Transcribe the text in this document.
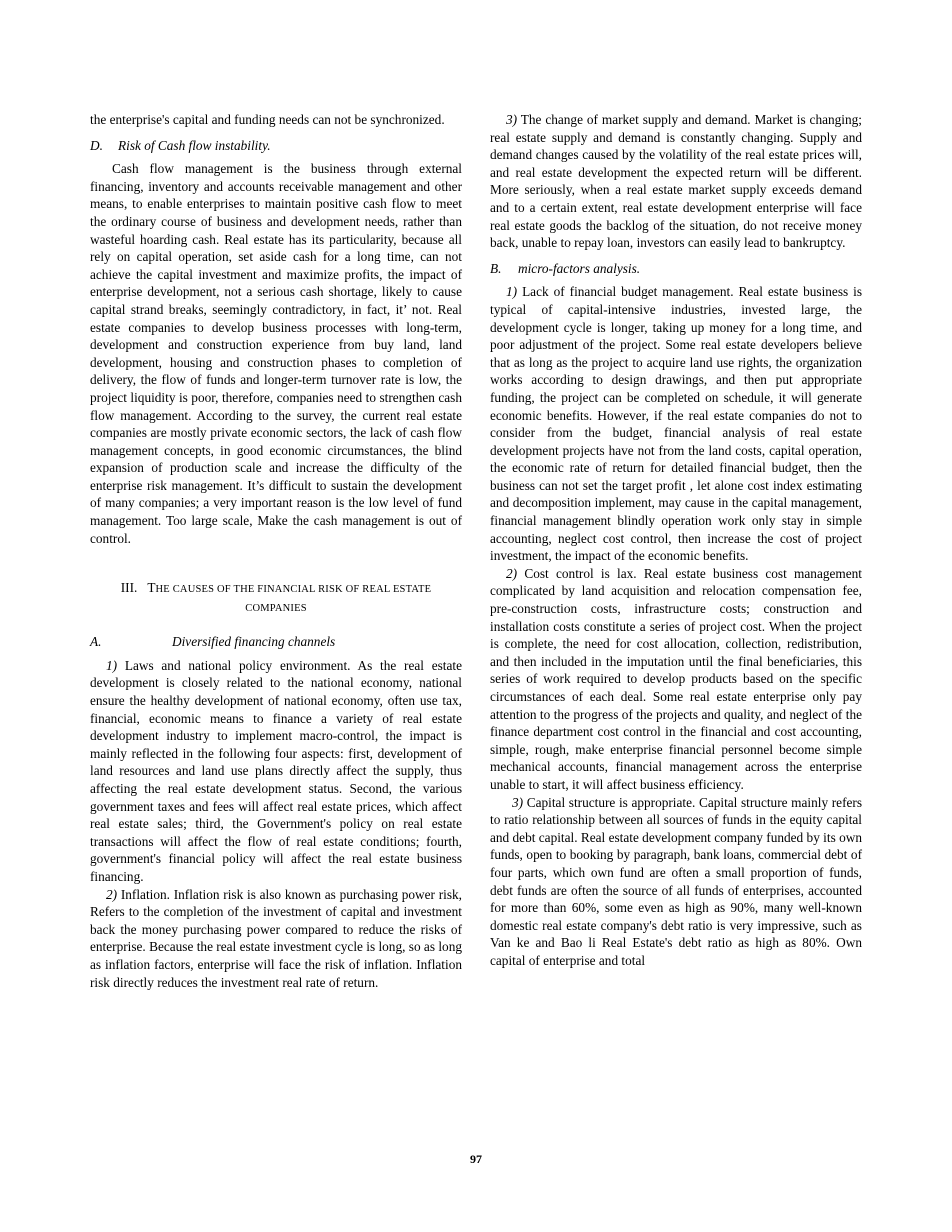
the enterprise's capital and funding needs can not be synchronized.

D. Risk of Cash flow instability.

Cash flow management is the business through external financing, inventory and accounts receivable management and other means, to enable enterprises to maintain positive cash flow to meet the ordinary course of business and development needs, rather than wasteful hoarding cash. Real estate has its particularity, because all rely on capital operation, set aside cash for a long time, can not achieve the capital investment and maximize profits, the impact of enterprise development, not a serious cash shortage, likely to cause capital strand breaks, seemingly contradictory, in fact, it’ not. Real estate companies to develop business processes with long-term, development and construction experience from buy land, land development, housing and construction phases to completion of delivery, the flow of funds and longer-term turnover rate is low, the project liquidity is poor, therefore, companies need to strengthen cash flow management. According to the survey, the current real estate companies are mostly private economic sectors, the lack of cash flow management concepts, in good economic circumstances, the blind expansion of production scale and increase the difficulty of the enterprise risk management. It’s difficult to sustain the development of many companies; a very important reason is the low level of fund management. Too large scale, Make the cash management is out of control.

III. THE CAUSES OF THE FINANCIAL RISK OF REAL ESTATE
COMPANIES

A.	Diversified financing channels

1) Laws and national policy environment. As the real estate development is closely related to the national economy, national ensure the healthy development of national economy, often use tax, financial, economic means to finance a variety of real estate development industry to implement macro-control, the impact is mainly reflected in the following four aspects: first, development of land resources and land use plans directly affect the supply, thus affecting the real estate development status. Second, the various government taxes and fees will affect real estate prices, which affect real estate sales; third, the Government's policy on real estate transactions will affect the flow of real estate conditions; fourth, government's financial policy will affect the real estate business financing.

2) Inflation. Inflation risk is also known as purchasing power risk, Refers to the completion of the investment of capital and investment back the money purchasing power compared to reduce the risks of enterprise. Because the real estate investment cycle is long, so as long as inflation factors, enterprise will face the risk of inflation. Inflation risk directly reduces the investment real rate of return.

3) The change of market supply and demand. Market is changing; real estate supply and demand is constantly changing. Supply and demand changes caused by the volatility of the real estate prices will, and real estate development the expected return will be different. More seriously, when a real estate market supply exceeds demand and to a certain extent, real estate development enterprise will face real estate goods the backlog of the situation, do not receive money back, unable to repay loan, investors can easily lead to bankruptcy.

B. micro-factors analysis.

1) Lack of financial budget management. Real estate business is typical of capital-intensive industries, invested large, the development cycle is longer, taking up money for a long time, and poor adjustment of the project. Some real estate developers believe that as long as the project to acquire land use rights, the organization works according to design drawings, and then put appropriate funding, the project can be completed on schedule, it will generate economic benefits. However, if the real estate companies do not to consider from the budget, financial analysis of real estate development projects have not from the land costs, capital operation, the economic rate of return for detailed financial budget, then the business can not set the target profit , let alone cost index estimating and decomposition implement, may cause in the capital management, financial management blindly operation work only stay in simple accounting, neglect cost control, then increase the cost of project investment, the impact of the economic benefits.

2) Cost control is lax. Real estate business cost management complicated by land acquisition and relocation compensation fee, pre-construction costs, infrastructure costs; construction and installation costs constitute a series of project cost. When the project is complete, the need for cost allocation, collection, redistribution, and then included in the imputation until the final beneficiaries, this series of work required to develop products based on the specific circumstances of each deal. Some real estate enterprise only pay attention to the progress of the projects and quality, and neglect of the finance department cost control in the financial and cost accounting, simple, rough, make enterprise financial personnel become simple mechanical accounts, financial management across the enterprise unable to start, it will affect business efficiency.

3) Capital structure is appropriate. Capital structure mainly refers to ratio relationship between all sources of funds in the equity capital and debt capital. Real estate development company funded by its own funds, open to booking by paragraph, bank loans, commercial debt of four parts, which own fund are often a small proportion of funds, debt funds are often the source of all funds of enterprises, accounted for more than 60%, some even as high as 90%, many well-known domestic real estate company's debt ratio is very impressive, such as Van ke and Bao li Real Estate's debt ratio as high as 80%. Own capital of enterprise and total

97
